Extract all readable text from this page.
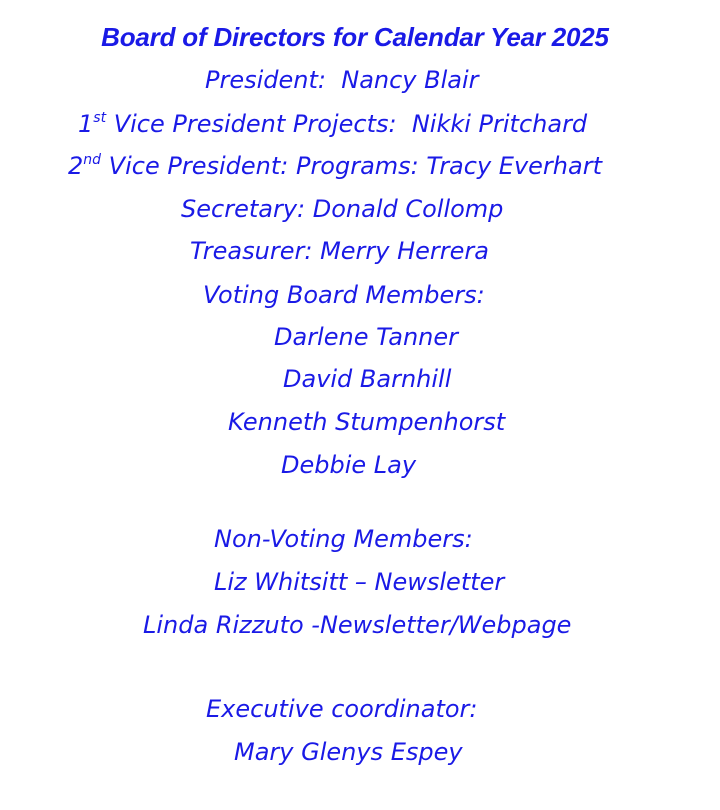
Board of Directors for Calendar Year 2025
President:  Nancy Blair
1st Vice President Projects:  Nikki Pritchard
2nd Vice President: Programs: Tracy Everhart
Secretary: Donald Collomp
Treasurer: Merry Herrera
Voting Board Members:
Darlene Tanner
David Barnhill
Kenneth Stumpenhorst
Debbie Lay
Non-Voting Members:
Liz Whitsitt – Newsletter
Linda Rizzuto -Newsletter/Webpage
Executive coordinator:
Mary Glenys Espey
